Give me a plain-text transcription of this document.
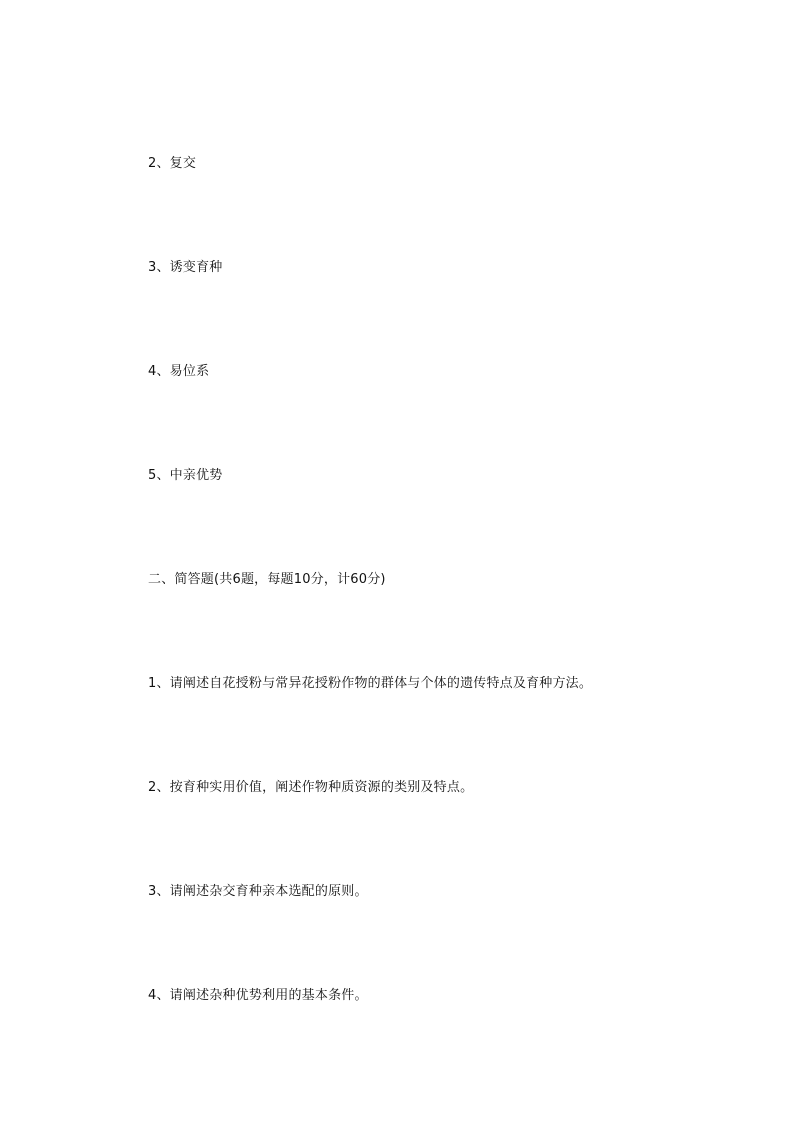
2、复交
3、诱变育种
4、易位系
5、中亲优势
二、简答题(共6题，每题10分，计60分)
1、请阐述自花授粉与常异花授粉作物的群体与个体的遗传特点及育种方法。
2、按育种实用价值，阐述作物种质资源的类别及特点。
3、请阐述杂交育种亲本选配的原则。
4、请阐述杂种优势利用的基本条件。
